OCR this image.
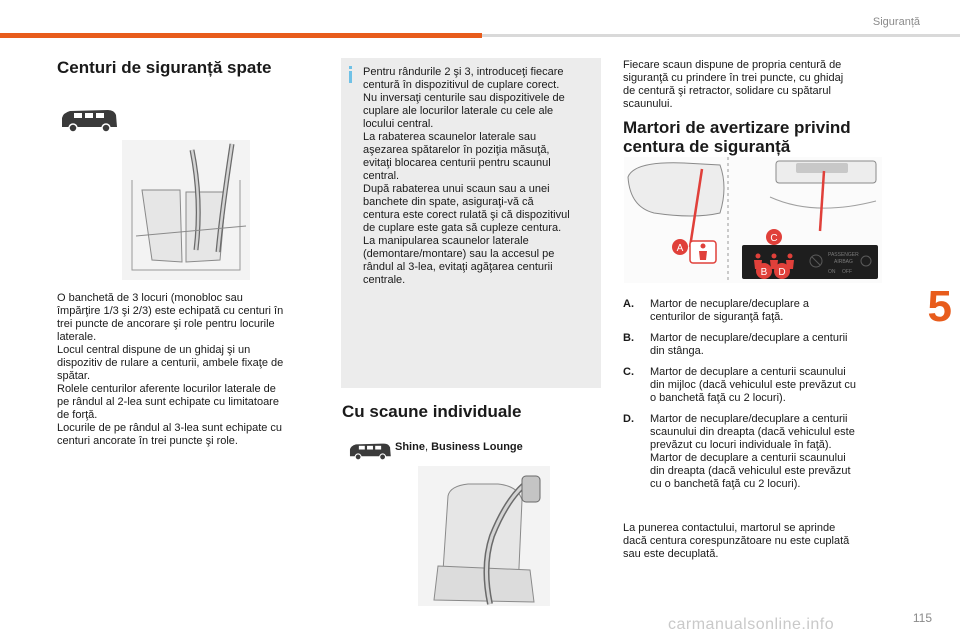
Siguranță
5
115
carmanualsonline.info
Centuri de siguranță spate
O banchetă de 3 locuri (monobloc sau
împărţire 1/3 şi 2/3) este echipată cu centuri în
trei puncte de ancorare şi role pentru locurile
laterale.
Locul central dispune de un ghidaj şi un
dispozitiv de rulare a centurii, ambele fixaţe de
spătar.
Rolele centurilor aferente locurilor laterale de
pe rândul al 2-lea sunt echipate cu limitatoare
de forţă.
Locurile de pe rândul al 3-lea sunt echipate cu
centuri ancorate în trei puncte şi role.
Pentru rândurile 2 şi 3, introduceţi fiecare
centură în dispozitivul de cuplare corect.
Nu inversaţi centurile sau dispozitivele de
cuplare ale locurilor laterale cu cele ale
locului central.
La rabaterea scaunelor laterale sau
aşezarea spătarelor în poziţia măsuţă,
evitaţi blocarea centurii pentru scaunul
central.
După rabaterea unui scaun sau a unei
banchete din spate, asiguraţi-vă că
centura este corect rulată şi că dispozitivul
de cuplare este gata să cupleze centura.
La manipularea scaunelor laterale
(demontare/montare) sau la accesul pe
rândul al 3-lea, evitaţi agăţarea centurii
centrale.
Cu scaune individuale
Shine, Business Lounge
Fiecare scaun dispune de propria centură de
siguranţă cu prindere în trei puncte, cu ghidaj
de centură şi retractor, solidare cu spătarul
scaunului.
Martori de avertizare privind
centura de siguranță
PASSENGER
AIRBAG
ON OFF
A
C
B D
A. Martor de necuplare/decuplare a
centurilor de siguranţă faţă.
B. Martor de necuplare/decuplare a centurii
din stânga.
C. Martor de decuplare a centurii scaunului
din mijloc (dacă vehiculul este prevăzut cu
o banchetă faţă cu 2 locuri).
D. Martor de necuplare/decuplare a centurii
scaunului din dreapta (dacă vehiculul este
prevăzut cu locuri individuale în faţă).
Martor de decuplare a centurii scaunului
din dreapta (dacă vehiculul este prevăzut
cu o banchetă faţă cu 2 locuri).
La punerea contactului, martorul se aprinde
dacă centura corespunzătoare nu este cuplată
sau este decuplată.
